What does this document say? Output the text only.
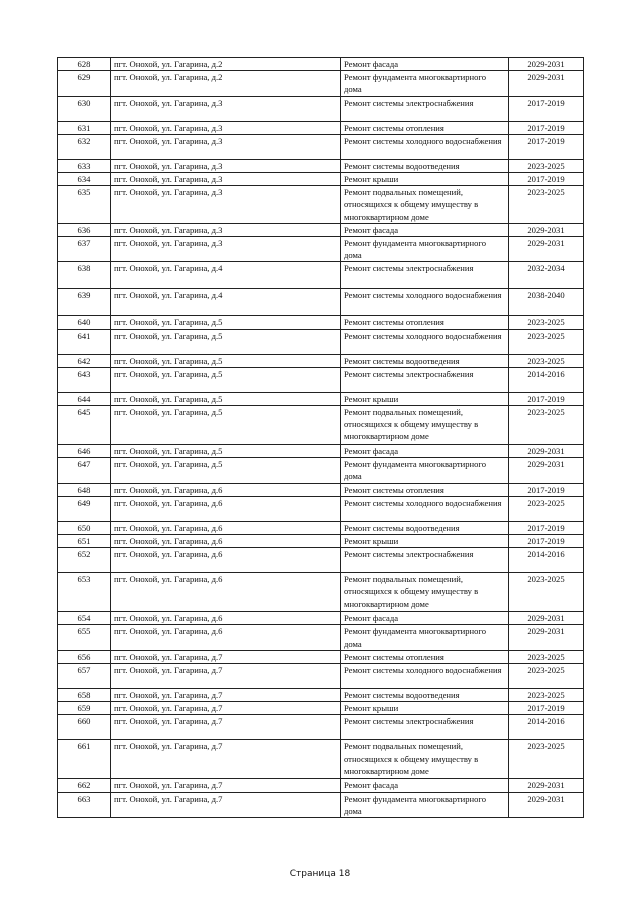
628	пгт. Онохой, ул. Гагарина, д.2	Ремонт фасада	2029-2031
629	пгт. Онохой, ул. Гагарина, д.2	Ремонт фундамента многоквартирного дома	2029-2031
630	пгт. Онохой, ул. Гагарина, д.3	Ремонт системы электроснабжения	2017-2019
631	пгт. Онохой, ул. Гагарина, д.3	Ремонт системы отопления	2017-2019
632	пгт. Онохой, ул. Гагарина, д.3	Ремонт системы холодного водоснабжения	2017-2019
633	пгт. Онохой, ул. Гагарина, д.3	Ремонт системы водоотведения	2023-2025
634	пгт. Онохой, ул. Гагарина, д.3	Ремонт крыши	2017-2019
635	пгт. Онохой, ул. Гагарина, д.3	Ремонт подвальных помещений, относящихся к общему имуществу в многоквартирном доме	2023-2025
636	пгт. Онохой, ул. Гагарина, д.3	Ремонт фасада	2029-2031
637	пгт. Онохой, ул. Гагарина, д.3	Ремонт фундамента многоквартирного дома	2029-2031
638	пгт. Онохой, ул. Гагарина, д.4	Ремонт системы электроснабжения	2032-2034
639	пгт. Онохой, ул. Гагарина, д.4	Ремонт системы холодного водоснабжения	2038-2040
640	пгт. Онохой, ул. Гагарина, д.5	Ремонт системы отопления	2023-2025
641	пгт. Онохой, ул. Гагарина, д.5	Ремонт системы холодного водоснабжения	2023-2025
642	пгт. Онохой, ул. Гагарина, д.5	Ремонт системы водоотведения	2023-2025
643	пгт. Онохой, ул. Гагарина, д.5	Ремонт системы электроснабжения	2014-2016
644	пгт. Онохой, ул. Гагарина, д.5	Ремонт крыши	2017-2019
645	пгт. Онохой, ул. Гагарина, д.5	Ремонт подвальных помещений, относящихся к общему имуществу в многоквартирном доме	2023-2025
646	пгт. Онохой, ул. Гагарина, д.5	Ремонт фасада	2029-2031
647	пгт. Онохой, ул. Гагарина, д.5	Ремонт фундамента многоквартирного дома	2029-2031
648	пгт. Онохой, ул. Гагарина, д.6	Ремонт системы отопления	2017-2019
649	пгт. Онохой, ул. Гагарина, д.6	Ремонт системы холодного водоснабжения	2023-2025
650	пгт. Онохой, ул. Гагарина, д.6	Ремонт системы водоотведения	2017-2019
651	пгт. Онохой, ул. Гагарина, д.6	Ремонт крыши	2017-2019
652	пгт. Онохой, ул. Гагарина, д.6	Ремонт системы электроснабжения	2014-2016
653	пгт. Онохой, ул. Гагарина, д.6	Ремонт подвальных помещений, относящихся к общему имуществу в многоквартирном доме	2023-2025
654	пгт. Онохой, ул. Гагарина, д.6	Ремонт фасада	2029-2031
655	пгт. Онохой, ул. Гагарина, д.6	Ремонт фундамента многоквартирного дома	2029-2031
656	пгт. Онохой, ул. Гагарина, д.7	Ремонт системы отопления	2023-2025
657	пгт. Онохой, ул. Гагарина, д.7	Ремонт системы холодного водоснабжения	2023-2025
658	пгт. Онохой, ул. Гагарина, д.7	Ремонт системы водоотведения	2023-2025
659	пгт. Онохой, ул. Гагарина, д.7	Ремонт крыши	2017-2019
660	пгт. Онохой, ул. Гагарина, д.7	Ремонт системы электроснабжения	2014-2016
661	пгт. Онохой, ул. Гагарина, д.7	Ремонт подвальных помещений, относящихся к общему имуществу в многоквартирном доме	2023-2025
662	пгт. Онохой, ул. Гагарина, д.7	Ремонт фасада	2029-2031
663	пгт. Онохой, ул. Гагарина, д.7	Ремонт фундамента многоквартирного дома	2029-2031
Страница 18
